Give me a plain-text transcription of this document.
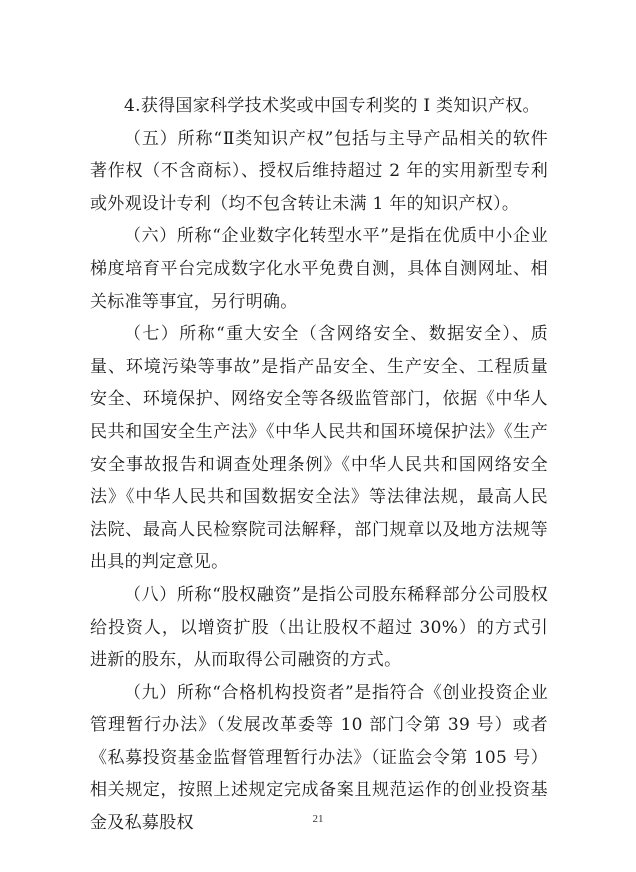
4.获得国家科学技术奖或中国专利奖的 I 类知识产权。

（五）所称“Ⅱ类知识产权”包括与主导产品相关的软件著作权（不含商标）、授权后维持超过 2 年的实用新型专利或外观设计专利（均不包含转让未满 1 年的知识产权）。

（六）所称“企业数字化转型水平”是指在优质中小企业梯度培育平台完成数字化水平免费自测，具体自测网址、相关标准等事宜，另行明确。

（七）所称“重大安全（含网络安全、数据安全）、质量、环境污染等事故”是指产品安全、生产安全、工程质量安全、环境保护、网络安全等各级监管部门，依据《中华人民共和国安全生产法》《中华人民共和国环境保护法》《生产安全事故报告和调查处理条例》《中华人民共和国网络安全法》《中华人民共和国数据安全法》等法律法规，最高人民法院、最高人民检察院司法解释，部门规章以及地方法规等出具的判定意见。

（八）所称“股权融资”是指公司股东稀释部分公司股权给投资人，以增资扩股（出让股权不超过 30%）的方式引进新的股东，从而取得公司融资的方式。

（九）所称“合格机构投资者”是指符合《创业投资企业管理暂行办法》（发展改革委等 10 部门令第 39 号）或者《私募投资基金监督管理暂行办法》（证监会令第 105 号）相关规定，按照上述规定完成备案且规范运作的创业投资基金及私募股权	21
